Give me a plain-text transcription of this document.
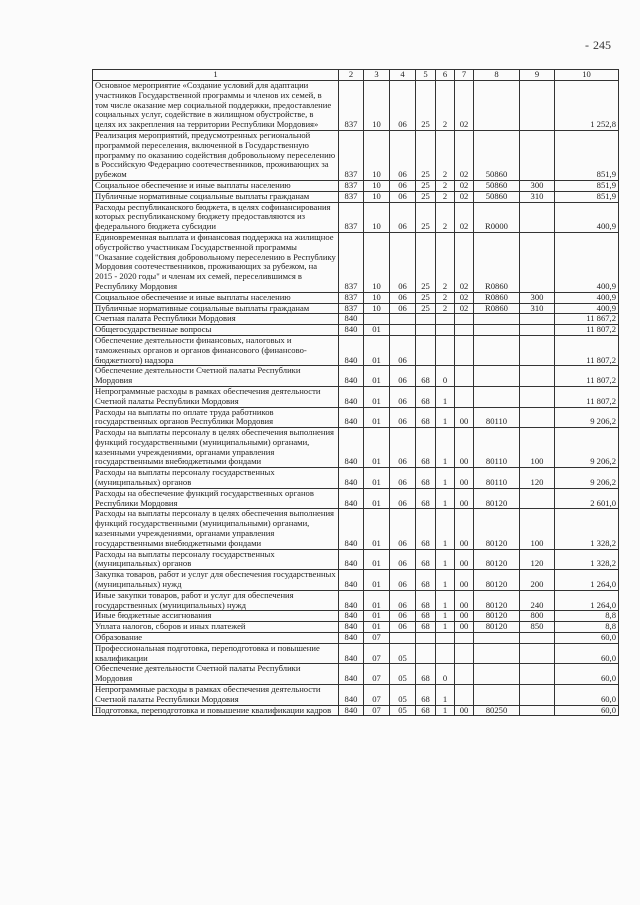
- 245
1	2	3	4	5	6	7	8	9	10
Основное мероприятие «Создание условий для адаптации участников Государственной программы и членов их семей, в том числе оказание мер социальной поддержки, предоставление социальных услуг, содействие в жилищном обустройстве, в целях их закрепления на территории Республики Мордовия»	837	10	06	25	2	02			1 252,8
Реализация мероприятий, предусмотренных региональной программой переселения, включенной в Государственную программу по оказанию содействия добровольному переселению в Российскую Федерацию соотечественников, проживающих за рубежом	837	10	06	25	2	02	50860		851,9
Социальное обеспечение и иные выплаты населению	837	10	06	25	2	02	50860	300	851,9
Публичные нормативные социальные выплаты гражданам	837	10	06	25	2	02	50860	310	851,9
Расходы республиканского бюджета, в целях софинансирования которых республиканскому бюджету предоставляются из федерального бюджета субсидии	837	10	06	25	2	02	R0000		400,9
Единовременная выплата и финансовая поддержка на жилищное обустройство участникам Государственной программы "Оказание содействия добровольному переселению в Республику Мордовия соотечественников, проживающих за рубежом, на 2015 - 2020 годы" и членам их семей, переселившимся в Республику Мордовия	837	10	06	25	2	02	R0860		400,9
Социальное обеспечение и иные выплаты населению	837	10	06	25	2	02	R0860	300	400,9
Публичные нормативные социальные выплаты гражданам	837	10	06	25	2	02	R0860	310	400,9
Счетная палата Республики Мордовия	840								11 867,2
Общегосударственные вопросы	840	01							11 807,2
Обеспечение деятельности финансовых, налоговых и таможенных органов и органов финансового (финансово-бюджетного) надзора	840	01	06						11 807,2
Обеспечение деятельности Счетной палаты Республики Мордовия	840	01	06	68	0				11 807,2
Непрограммные расходы в рамках обеспечения деятельности Счетной палаты Республики Мордовия	840	01	06	68	1				11 807,2
Расходы на выплаты по оплате труда работников государственных органов Республики Мордовия	840	01	06	68	1	00	80110		9 206,2
Расходы на выплаты персоналу в целях обеспечения выполнения функций государственными (муниципальными) органами, казенными учреждениями, органами управления государственными внебюджетными фондами	840	01	06	68	1	00	80110	100	9 206,2
Расходы на выплаты персоналу государственных (муниципальных) органов	840	01	06	68	1	00	80110	120	9 206,2
Расходы на обеспечение функций государственных органов Республики Мордовия	840	01	06	68	1	00	80120		2 601,0
Расходы на выплаты персоналу в целях обеспечения выполнения функций государственными (муниципальными) органами, казенными учреждениями, органами управления государственными внебюджетными фондами	840	01	06	68	1	00	80120	100	1 328,2
Расходы на выплаты персоналу государственных (муниципальных) органов	840	01	06	68	1	00	80120	120	1 328,2
Закупка товаров, работ и услуг для обеспечения государственных (муниципальных) нужд	840	01	06	68	1	00	80120	200	1 264,0
Иные закупки товаров, работ и услуг для обеспечения государственных (муниципальных) нужд	840	01	06	68	1	00	80120	240	1 264,0
Иные бюджетные ассигнования	840	01	06	68	1	00	80120	800	8,8
Уплата налогов, сборов и иных платежей	840	01	06	68	1	00	80120	850	8,8
Образование	840	07							60,0
Профессиональная подготовка, переподготовка и повышение квалификации	840	07	05						60,0
Обеспечение деятельности Счетной палаты Республики Мордовия	840	07	05	68	0				60,0
Непрограммные расходы в рамках обеспечения деятельности Счетной палаты Республики Мордовия	840	07	05	68	1				60,0
Подготовка, переподготовка и повышение квалификации кадров	840	07	05	68	1	00	80250		60,0
